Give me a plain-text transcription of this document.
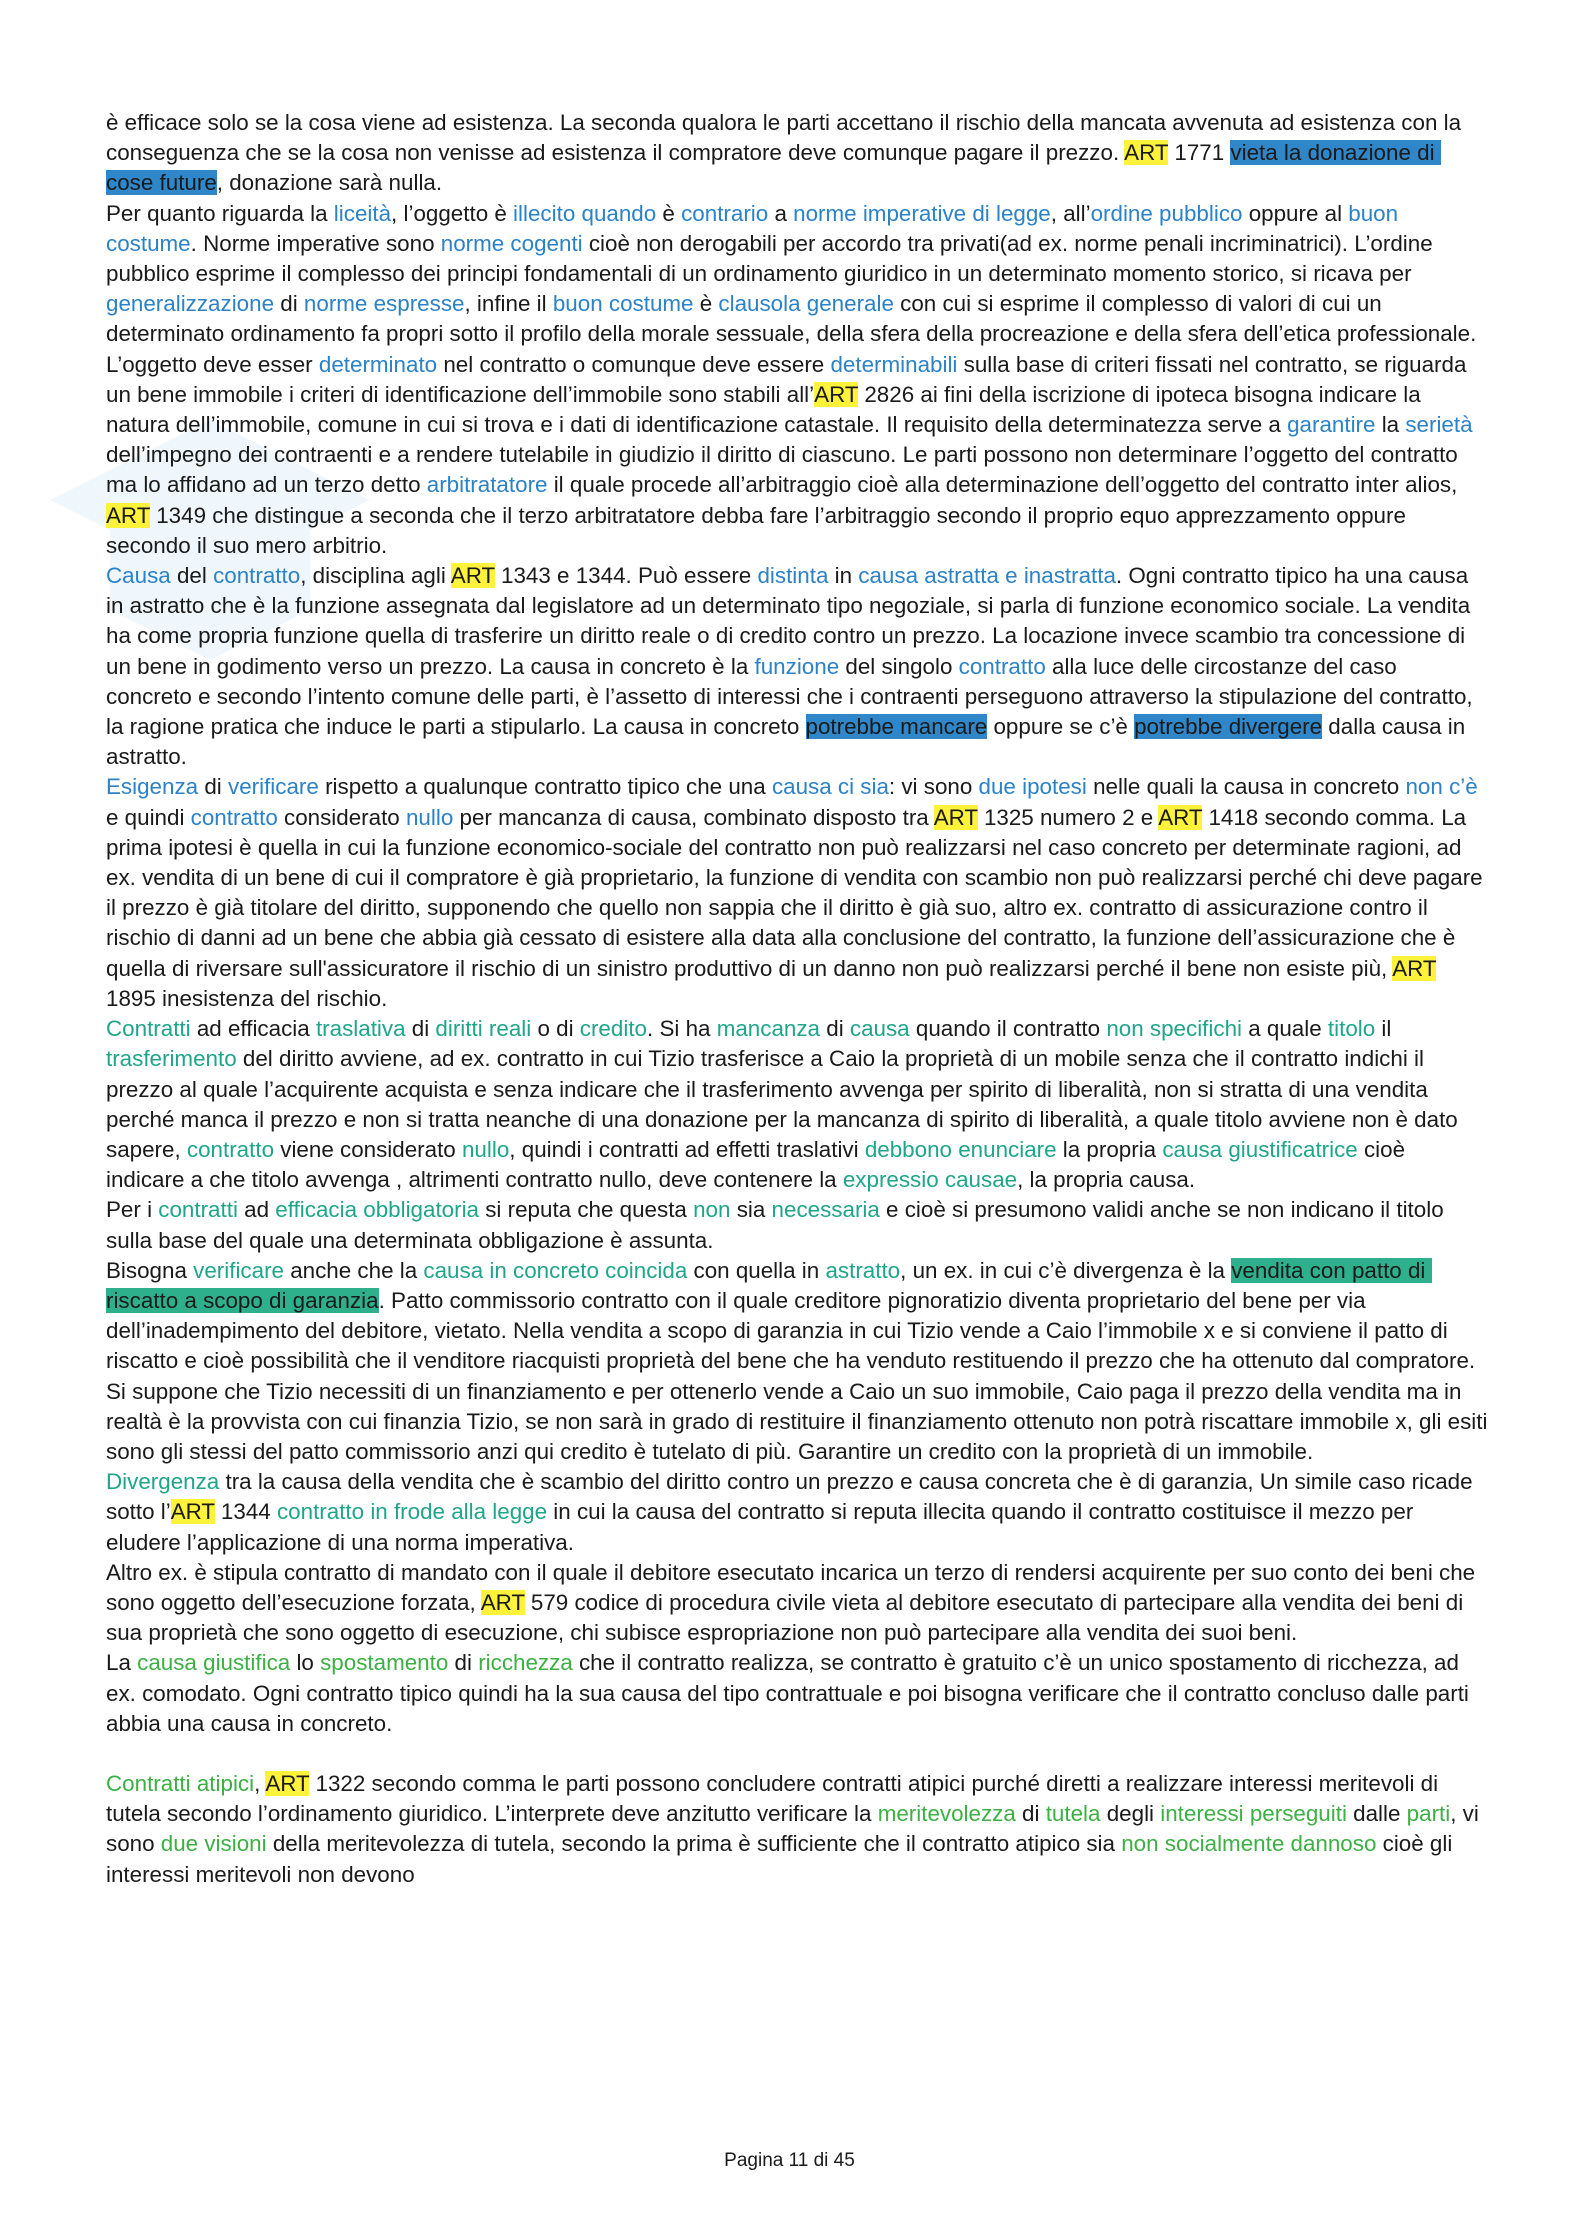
è efficace solo se la cosa viene ad esistenza. La seconda qualora le parti accettano il rischio della mancata avvenuta ad esistenza con la conseguenza che se la cosa non venisse ad esistenza il compratore deve comunque pagare il prezzo. ART 1771 vieta la donazione di cose future, donazione sarà nulla.

Per quanto riguarda la liceità, l’oggetto è illecito quando è contrario a norme imperative di legge, all’ordine pubblico oppure al buon costume. Norme imperative sono norme cogenti cioè non derogabili per accordo tra privati(ad ex. norme penali incriminatrici). L’ordine pubblico esprime il complesso dei principi fondamentali di un ordinamento giuridico in un determinato momento storico, si ricava per generalizzazione di norme espresse, infine il buon costume è clausola generale con cui si esprime il complesso di valori di cui un determinato ordinamento fa propri sotto il profilo della morale sessuale, della sfera della procreazione e della sfera dell’etica professionale.

L’oggetto deve esser determinato nel contratto o comunque deve essere determinabili sulla base di criteri fissati nel contratto, se riguarda un bene immobile i criteri di identificazione dell’immobile sono stabili all’ART 2826 ai fini della iscrizione di ipoteca bisogna indicare la natura dell’immobile, comune in cui si trova e i dati di identificazione catastale. Il requisito della determinatezza serve a garantire la serietà dell’impegno dei contraenti e a rendere tutelabile in giudizio il diritto di ciascuno. Le parti possono non determinare l’oggetto del contratto ma lo affidano ad un terzo detto arbitratatore il quale procede all’arbitraggio cioè alla determinazione dell’oggetto del contratto inter alios, ART 1349 che distingue a seconda che il terzo arbitratatore debba fare l’arbitraggio secondo il proprio equo apprezzamento oppure secondo il suo mero arbitrio.

Causa del contratto, disciplina agli ART 1343 e 1344. Può essere distinta in causa astratta e inastratta. Ogni contratto tipico ha una causa in astratto che è la funzione assegnata dal legislatore ad un determinato tipo negoziale, si parla di funzione economico sociale. La vendita ha come propria funzione quella di trasferire un diritto reale o di credito contro un prezzo. La locazione invece scambio tra concessione di un bene in godimento verso un prezzo. La causa in concreto è la funzione del singolo contratto alla luce delle circostanze del caso concreto e secondo l’intento comune delle parti, è l’assetto di interessi che i contraenti perseguono attraverso la stipulazione del contratto, la ragione pratica che induce le parti a stipularlo. La causa in concreto potrebbe mancare oppure se c’è potrebbe divergere dalla causa in astratto.

Esigenza di verificare rispetto a qualunque contratto tipico che una causa ci sia: vi sono due ipotesi nelle quali la causa in concreto non c’è e quindi contratto considerato nullo per mancanza di causa, combinato disposto tra ART 1325 numero 2 e ART 1418 secondo comma. La prima ipotesi è quella in cui la funzione economico-sociale del contratto non può realizzarsi nel caso concreto per determinate ragioni, ad ex. vendita di un bene di cui il compratore è già proprietario, la funzione di vendita con scambio non può realizzarsi perché chi deve pagare il prezzo è già titolare del diritto, supponendo che quello non sappia che il diritto è già suo, altro ex. contratto di assicurazione contro il rischio di danni ad un bene che abbia già cessato di esistere alla data alla conclusione del contratto, la funzione dell’assicurazione che è quella di riversare sull'assicuratore il rischio di un sinistro produttivo di un danno non può realizzarsi perché il bene non esiste più, ART 1895 inesistenza del rischio.

Contratti ad efficacia traslativa di diritti reali o di credito. Si ha mancanza di causa quando il contratto non specifichi a quale titolo il trasferimento del diritto avviene, ad ex. contratto in cui Tizio trasferisce a Caio la proprietà di un mobile senza che il contratto indichi il prezzo al quale l’acquirente acquista e senza indicare che il trasferimento avvenga per spirito di liberalità, non si stratta di una vendita perché manca il prezzo e non si tratta neanche di una donazione per la mancanza di spirito di liberalità, a quale titolo avviene non è dato sapere, contratto viene considerato nullo, quindi i contratti ad effetti traslativi debbono enunciare la propria causa giustificatrice cioè indicare a che titolo avvenga , altrimenti contratto nullo, deve contenere la expressio causae, la propria causa.

Per i contratti ad efficacia obbligatoria si reputa che questa non sia necessaria e cioè si presumono validi anche se non indicano il titolo sulla base del quale una determinata obbligazione è assunta.

Bisogna verificare anche che la causa in concreto coincida con quella in astratto, un ex. in cui c’è divergenza è la vendita con patto di riscatto a scopo di garanzia. Patto commissorio contratto con il quale creditore pignoratizio diventa proprietario del bene per via dell’inadempimento del debitore, vietato. Nella vendita a scopo di garanzia in cui Tizio vende a Caio l’immobile x e si conviene il patto di riscatto e cioè possibilità che il venditore riacquisti proprietà del bene che ha venduto restituendo il prezzo che ha ottenuto dal compratore. Si suppone che Tizio necessiti di un finanziamento e per ottenerlo vende a Caio un suo immobile, Caio paga il prezzo della vendita ma in realtà è la provvista con cui finanzia Tizio, se non sarà in grado di restituire il finanziamento ottenuto non potrà riscattare immobile x, gli esiti sono gli stessi del patto commissorio anzi qui credito è tutelato di più. Garantire un credito con la proprietà di un immobile.

Divergenza tra la causa della vendita che è scambio del diritto contro un prezzo e causa concreta che è di garanzia, Un simile caso ricade sotto l’ART 1344 contratto in frode alla legge in cui la causa del contratto si reputa illecita quando il contratto costituisce il mezzo per eludere l’applicazione di una norma imperativa.

Altro ex. è stipula contratto di mandato con il quale il debitore esecutato incarica un terzo di rendersi acquirente per suo conto dei beni che sono oggetto dell’esecuzione forzata, ART 579 codice di procedura civile vieta al debitore esecutato di partecipare alla vendita dei beni di sua proprietà che sono oggetto di esecuzione, chi subisce espropriazione non può partecipare alla vendita dei suoi beni.

La causa giustifica lo spostamento di ricchezza che il contratto realizza, se contratto è gratuito c’è un unico spostamento di ricchezza, ad ex. comodato. Ogni contratto tipico quindi ha la sua causa del tipo contrattuale e poi bisogna verificare che il contratto concluso dalle parti abbia una causa in concreto.

Contratti atipici, ART 1322 secondo comma le parti possono concludere contratti atipici purché diretti a realizzare interessi meritevoli di tutela secondo l’ordinamento giuridico. L’interprete deve anzitutto verificare la meritevolezza di tutela degli interessi perseguiti dalle parti, vi sono due visioni della meritevolezza di tutela, secondo la prima è sufficiente che il contratto atipico sia non socialmente dannoso cioè gli interessi meritevoli non devono

Pagina 11 di 45
